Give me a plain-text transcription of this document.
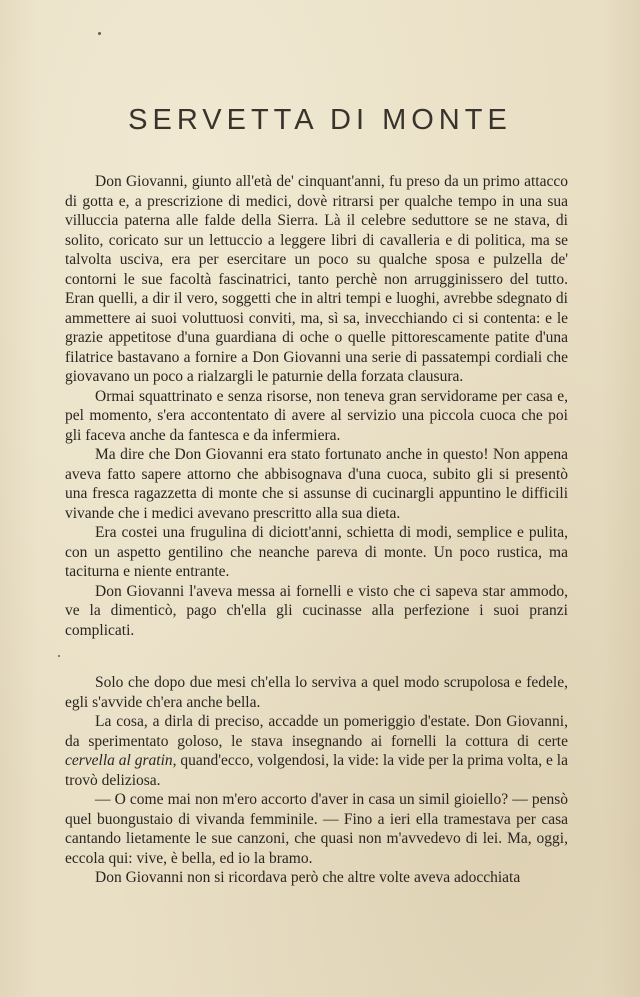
SERVETTA DI MONTE

Don Giovanni, giunto all'età de' cinquant'anni, fu preso da un primo attacco di gotta e, a prescrizione di medici, dovè ritrarsi per qualche tempo in una sua villuccia paterna alle falde della Sierra. Là il celebre seduttore se ne stava, di solito, coricato sur un lettuccio a leggere libri di cavalleria e di politica, ma se talvolta usciva, era per esercitare un poco su qualche sposa e pulzella de' contorni le sue facoltà fascinatrici, tanto perchè non arrugginissero del tutto. Eran quelli, a dir il vero, soggetti che in altri tempi e luoghi, avrebbe sdegnato di ammettere ai suoi voluttuosi conviti, ma, sì sa, invecchiando ci si contenta: e le grazie appetitose d'una guardiana di oche o quelle pittorescamente patite d'una filatrice bastavano a fornire a Don Giovanni una serie di passatempi cordiali che giovavano un poco a rialzargli le paturnie della forzata clausura.

Ormai squattrinato e senza risorse, non teneva gran servidorame per casa e, pel momento, s'era accontentato di avere al servizio una piccola cuoca che poi gli faceva anche da fantesca e da infermiera.

Ma dire che Don Giovanni era stato fortunato anche in questo! Non appena aveva fatto sapere attorno che abbisognava d'una cuoca, subito gli si presentò una fresca ragazzetta di monte che si assunse di cucinargli appuntino le difficili vivande che i medici avevano prescritto alla sua dieta.

Era costei una frugulina di diciott'anni, schietta di modi, semplice e pulita, con un aspetto gentilino che neanche pareva di monte. Un poco rustica, ma taciturna e niente entrante.

Don Giovanni l'aveva messa ai fornelli e visto che ci sapeva star ammodo, ve la dimenticò, pago ch'ella gli cucinasse alla perfezione i suoi pranzi complicati.

Solo che dopo due mesi ch'ella lo serviva a quel modo scrupolosa e fedele, egli s'avvide ch'era anche bella.

La cosa, a dirla di preciso, accadde un pomeriggio d'estate. Don Giovanni, da sperimentato goloso, le stava insegnando ai fornelli la cottura di certe cervella al gratin, quand'ecco, volgendosi, la vide: la vide per la prima volta, e la trovò deliziosa.

— O come mai non m'ero accorto d'aver in casa un simil gioiello? — pensò quel buongustaio di vivanda femminile. — Fino a ieri ella tramestava per casa cantando lietamente le sue canzoni, che quasi non m'avvedevo di lei. Ma, oggi, eccola qui: vive, è bella, ed io la bramo.

Don Giovanni non si ricordava però che altre volte aveva adocchiata
